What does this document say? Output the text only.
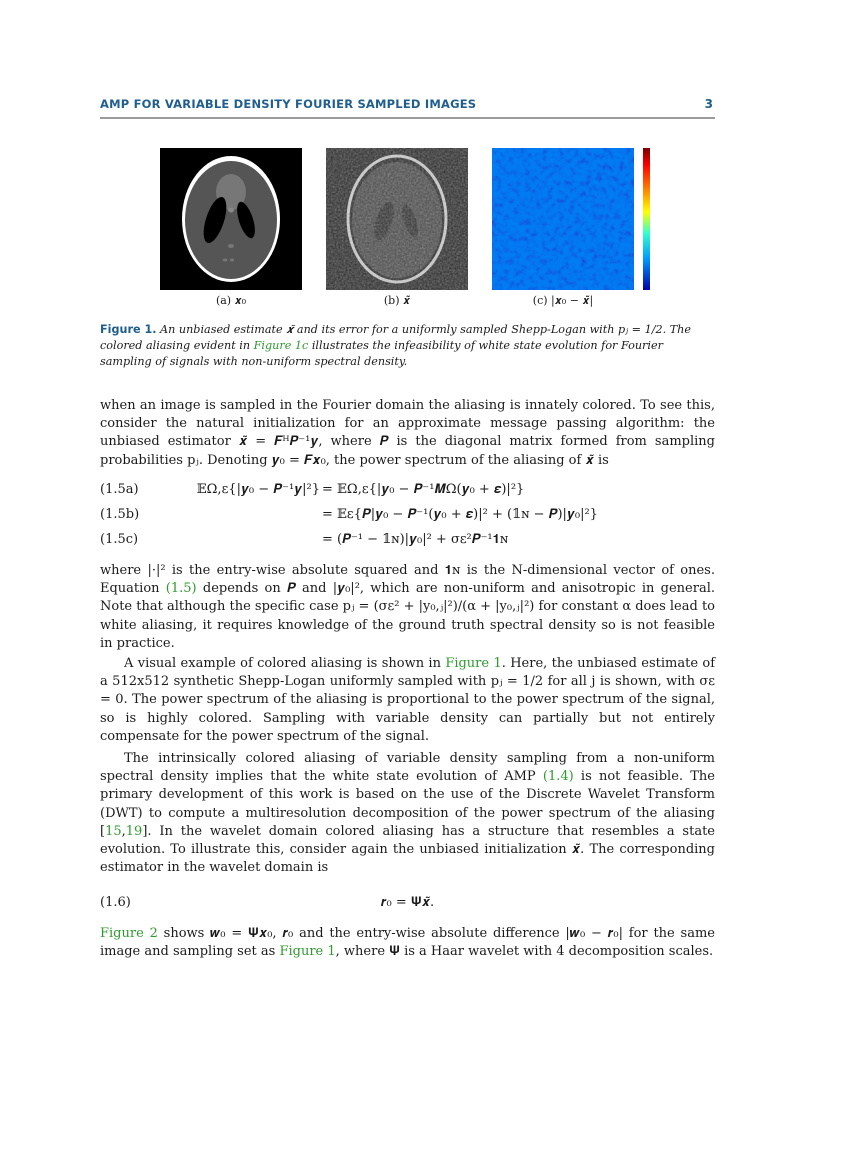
AMP FOR VARIABLE DENSITY FOURIER SAMPLED IMAGES	3
(a) 𝒙₀	(b) 𝒙̃	(c) |𝒙₀ − 𝒙̃|
Figure 1. An unbiased estimate 𝒙̃ and its error for a uniformly sampled Shepp-Logan with pⱼ = 1/2. The colored aliasing evident in Figure 1c illustrates the infeasibility of white state evolution for Fourier sampling of signals with non-uniform spectral density.
when an image is sampled in the Fourier domain the aliasing is innately colored. To see this, consider the natural initialization for an approximate message passing algorithm: the unbiased estimator 𝒙̃ = 𝑭ᴴ𝑷⁻¹𝒚, where 𝑷 is the diagonal matrix formed from sampling probabilities pⱼ. Denoting 𝒚₀ = 𝑭𝒙₀, the power spectrum of the aliasing of 𝒙̃ is
(1.5a)	𝔼Ω,ε{|𝒚₀ − 𝑷⁻¹𝒚|²} = 𝔼Ω,ε{|𝒚₀ − 𝑷⁻¹𝑴Ω(𝒚₀ + 𝜺)|²}
(1.5b)	= 𝔼ε{𝑷|𝒚₀ − 𝑷⁻¹(𝒚₀ + 𝜺)|² + (𝟙ɴ − 𝑷)|𝒚₀|²}
(1.5c)	= (𝑷⁻¹ − 𝟙ɴ)|𝒚₀|² + σε²𝑷⁻¹𝟏ɴ
where |·|² is the entry-wise absolute squared and 𝟏ɴ is the N-dimensional vector of ones. Equation (1.5) depends on 𝑷 and |𝒚₀|², which are non-uniform and anisotropic in general. Note that although the specific case pⱼ = (σε² + |y₀,ⱼ|²)/(α + |y₀,ⱼ|²) for constant α does lead to white aliasing, it requires knowledge of the ground truth spectral density so is not feasible in practice.
A visual example of colored aliasing is shown in Figure 1. Here, the unbiased estimate of a 512x512 synthetic Shepp-Logan uniformly sampled with pⱼ = 1/2 for all j is shown, with σε = 0. The power spectrum of the aliasing is proportional to the power spectrum of the signal, so is highly colored. Sampling with variable density can partially but not entirely compensate for the power spectrum of the signal.
The intrinsically colored aliasing of variable density sampling from a non-uniform spectral density implies that the white state evolution of AMP (1.4) is not feasible. The primary development of this work is based on the use of the Discrete Wavelet Transform (DWT) to compute a multiresolution decomposition of the power spectrum of the aliasing [15,19]. In the wavelet domain colored aliasing has a structure that resembles a state evolution. To illustrate this, consider again the unbiased initialization 𝒙̃. The corresponding estimator in the wavelet domain is
(1.6)	𝒓₀ = 𝚿𝒙̃.
Figure 2 shows 𝒘₀ = 𝚿𝒙₀, 𝒓₀ and the entry-wise absolute difference |𝒘₀ − 𝒓₀| for the same image and sampling set as Figure 1, where 𝚿 is a Haar wavelet with 4 decomposition scales.
